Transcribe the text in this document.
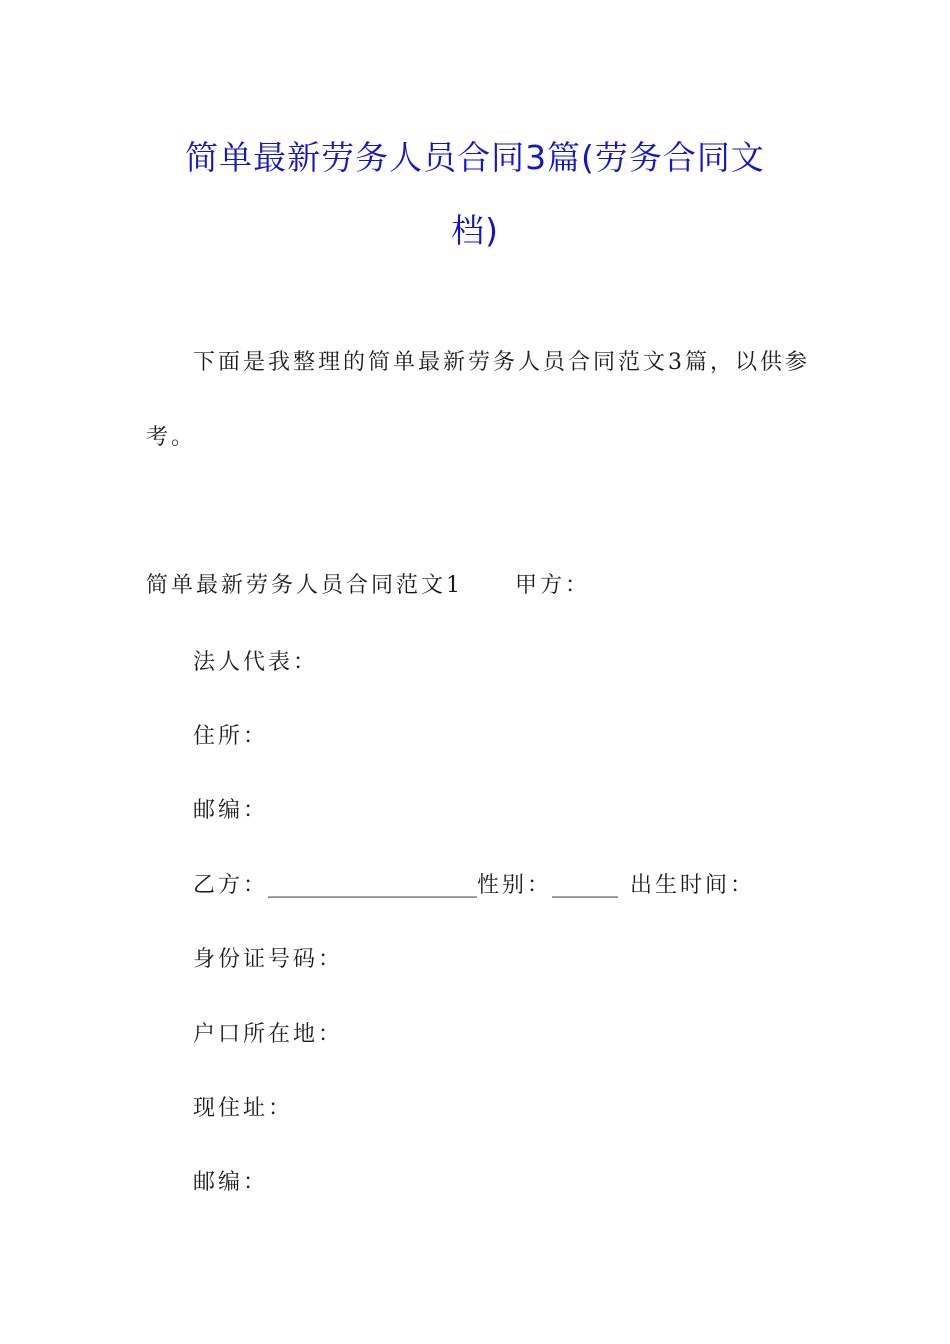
简单最新劳务人员合同3篇(劳务合同文
档)
下面是我整理的简单最新劳务人员合同范文3篇，以供参
考。
简单最新劳务人员合同范文1 甲方：
法人代表：
住所：
邮编：
乙方：___________________性别：______ 出生时间：
身份证号码：
户口所在地：
现住址：
邮编：
